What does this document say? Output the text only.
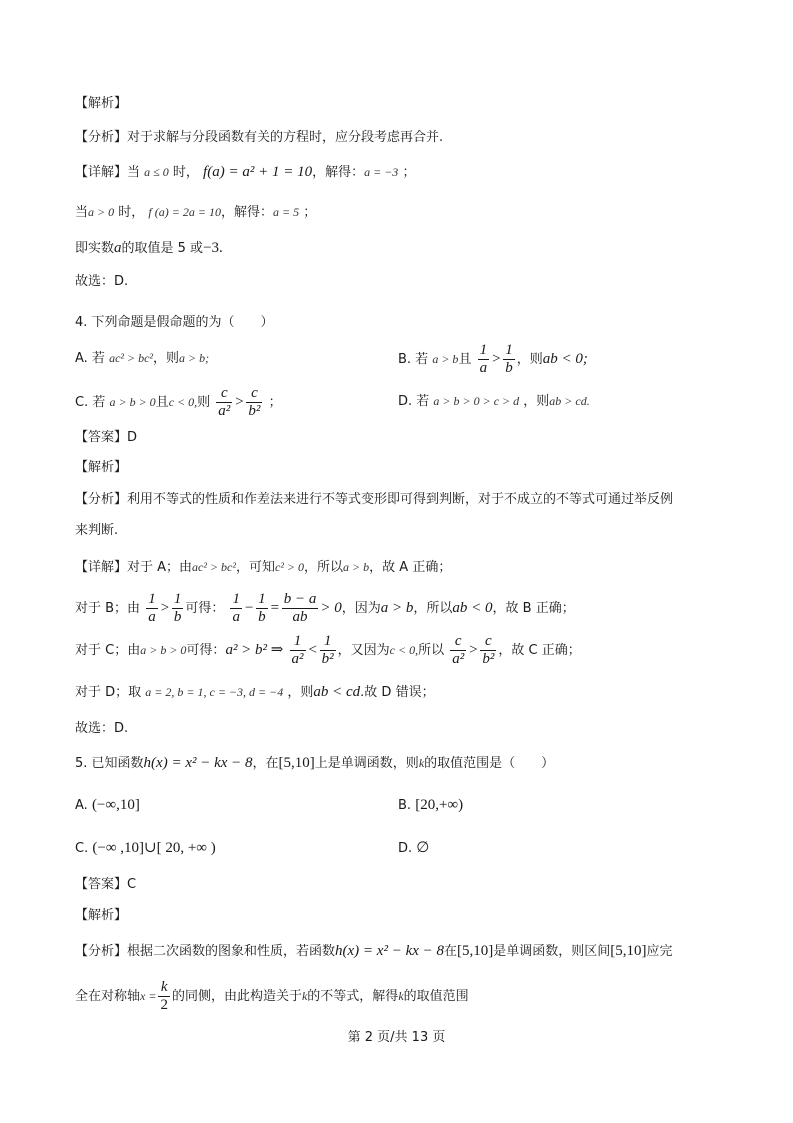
【解析】
【分析】对于求解与分段函数有关的方程时，应分段考虑再合并.
【详解】当 a ≤ 0 时， f(a) = a² + 1 = 10，解得：a = −3 ；
当a > 0 时， f (a) = 2a = 10，解得：a = 5 ；
即实数a的取值是 5 或−3.
故选：D.
4. 下列命题是假命题的为（　　）
A. 若 ac² > bc²，则a > b;	B. 若 a > b且 $\frac{1}{a} > \frac{1}{b}$ ，则ab < 0;
C. 若 a > b > 0且c < 0,则 $\frac{c}{\text{a²}} > \frac{c}{\text{b²}}$ ；	D. 若 a > b > 0 > c > d ，则ab > cd.
【答案】D
【解析】
【分析】利用不等式的性质和作差法来进行不等式变形即可得到判断，对于不成立的不等式可通过举反例
来判断.
【详解】对于 A；由ac² > bc²，可知c² > 0，所以a > b，故 A 正确；
对于 B；由 $\frac{1}{a} > \frac{1}{b}$ 可得： $\frac{1}{a} - \frac{1}{b} = \frac{b - a}{ab} > 0$，因为a > b，所以ab < 0，故 B 正确；
对于 C；由a > b > 0可得：a² > b² ⇒ $\frac{1}{\text{a²}} < \frac{1}{\text{b²}}$ ，又因为c < 0,所以 $\frac{c}{\text{a²}} > \frac{c}{\text{b²}}$ ，故 C 正确；
对于 D；取 a = 2, b = 1, c = −3, d = −4 ，则ab < cd.故 D 错误；
故选：D.
5. 已知函数h(x) = x² − kx − 8，在[5,10]上是单调函数，则k的取值范围是（　　）
A. (−∞,10]	B. [20,+∞)
C. (−∞ ,10]∪[ 20, +∞ )	D. ∅
【答案】C
【解析】
【分析】根据二次函数的图象和性质，若函数h(x) = x² − kx − 8在[5,10]是单调函数，则区间[5,10]应完
全在对称轴$x = \frac{k}{2}$ 的同侧，由此构造关于k的不等式，解得k的取值范围
第 2 页/共 13 页
